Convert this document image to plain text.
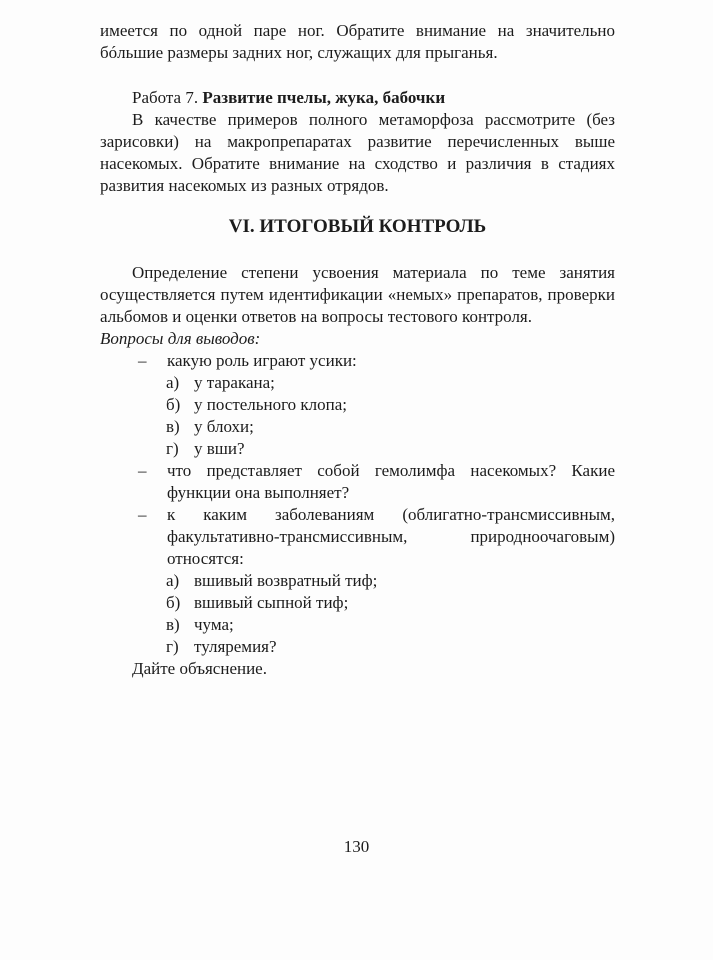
имеется по одной паре ног. Обратите внимание на значительно бóльшие размеры задних ног, служащих для прыганья.

Работа 7. Развитие пчелы, жука, бабочки

В качестве примеров полного метаморфоза рассмотрите (без зарисовки) на макропрепаратах развитие перечисленных выше насекомых. Обратите внимание на сходство и различия в стадиях развития насекомых из разных отрядов.

VI. ИТОГОВЫЙ КОНТРОЛЬ

Определение степени усвоения материала по теме занятия осуществляется путем идентификации «немых» препаратов, проверки альбомов и оценки ответов на вопросы тестового контроля.

Вопросы для выводов:
– какую роль играют усики:
а) у таракана;
б) у постельного клопа;
в) у блохи;
г) у вши?
– что представляет собой гемолимфа насекомых? Какие функции она выполняет?
– к каким заболеваниям (облигатно-трансмиссивным, факультативно-трансмиссивным, природноочаговым) относятся:
а) вшивый возвратный тиф;
б) вшивый сыпной тиф;
в) чума;
г) туляремия?
Дайте объяснение.
130
